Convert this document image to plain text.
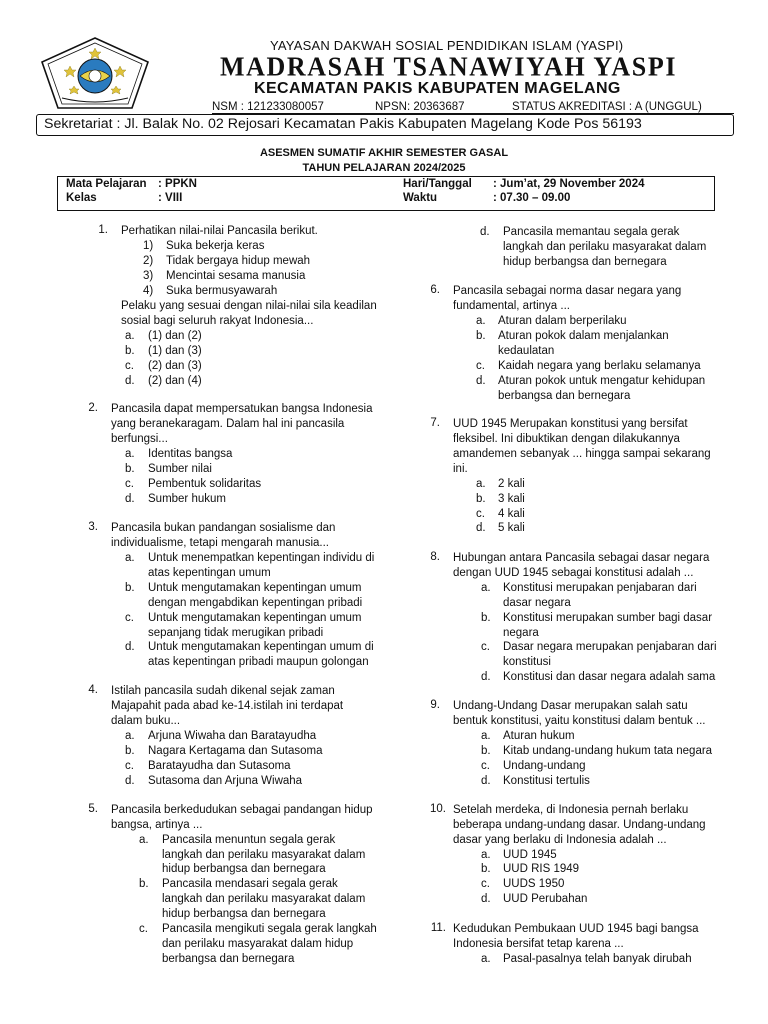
YAYASAN DAKWAH SOSIAL PENDIDIKAN ISLAM (YASPI)
MADRASAH TSANAWIYAH YASPI
KECAMATAN PAKIS KABUPATEN MAGELANG
NSM : 121233080057	NPSN: 20363687	STATUS AKREDITASI : A (UNGGUL)
Sekretariat : Jl. Balak No. 02 Rejosari Kecamatan Pakis Kabupaten Magelang Kode Pos 56193
ASESMEN SUMATIF AKHIR SEMESTER GASAL
TAHUN PELAJARAN 2024/2025
Mata Pelajaran : PPKN
Kelas	: VIII
Hari/Tanggal : Jum’at, 29 November 2024
Waktu	: 07.30 – 09.00
1. Perhatikan nilai-nilai Pancasila berikut.
1) Suka bekerja keras
2) Tidak bergaya hidup mewah
3) Mencintai sesama manusia
4) Suka bermusyawarah
Pelaku yang sesuai dengan nilai-nilai sila keadilan
sosial bagi seluruh rakyat Indonesia...
a. (1) dan (2)
b. (1) dan (3)
c. (2) dan (3)
d. (2) dan (4)
2. Pancasila dapat mempersatukan bangsa Indonesia
yang beranekaragam. Dalam hal ini pancasila
berfungsi...
a. Identitas bangsa
b. Sumber nilai
c. Pembentuk solidaritas
d. Sumber hukum
3. Pancasila bukan pandangan sosialisme dan
individualisme, tetapi mengarah manusia...
a. Untuk menempatkan kepentingan individu di
atas kepentingan umum
b. Untuk mengutamakan kepentingan umum
dengan mengabdikan kepentingan pribadi
c. Untuk mengutamakan kepentingan umum
sepanjang tidak merugikan pribadi
d. Untuk mengutamakan kepentingan umum di
atas kepentingan pribadi maupun golongan
4. Istilah pancasila sudah dikenal sejak zaman
Majapahit pada abad ke-14.istilah ini terdapat
dalam buku...
a. Arjuna Wiwaha dan Baratayudha
b. Nagara Kertagama dan Sutasoma
c. Baratayudha dan Sutasoma
d. Sutasoma dan Arjuna Wiwaha
5. Pancasila berkedudukan sebagai pandangan hidup
bangsa, artinya ...
a. Pancasila menuntun segala gerak
langkah dan perilaku masyarakat dalam
hidup berbangsa dan bernegara
b. Pancasila mendasari segala gerak
langkah dan perilaku masyarakat dalam
hidup berbangsa dan bernegara
c. Pancasila mengikuti segala gerak langkah
dan perilaku masyarakat dalam hidup
berbangsa dan bernegara
d. Pancasila memantau segala gerak
langkah dan perilaku masyarakat dalam
hidup berbangsa dan bernegara
6. Pancasila sebagai norma dasar negara yang
fundamental, artinya ...
a. Aturan dalam berperilaku
b. Aturan pokok dalam menjalankan
kedaulatan
c. Kaidah negara yang berlaku selamanya
d. Aturan pokok untuk mengatur kehidupan
berbangsa dan bernegara
7. UUD 1945 Merupakan konstitusi yang bersifat
fleksibel. Ini dibuktikan dengan dilakukannya
amandemen sebanyak ... hingga sampai sekarang
ini.
a. 2 kali
b. 3 kali
c. 4 kali
d. 5 kali
8. Hubungan antara Pancasila sebagai dasar negara
dengan UUD 1945 sebagai konstitusi adalah ...
a. Konstitusi merupakan penjabaran dari
dasar negara
b. Konstitusi merupakan sumber bagi dasar
negara
c. Dasar negara merupakan penjabaran dari
konstitusi
d. Konstitusi dan dasar negara adalah sama
9. Undang-Undang Dasar merupakan salah satu
bentuk konstitusi, yaitu konstitusi dalam bentuk ...
a. Aturan hukum
b. Kitab undang-undang hukum tata negara
c. Undang-undang
d. Konstitusi tertulis
10. Setelah merdeka, di Indonesia pernah berlaku
beberapa undang-undang dasar. Undang-undang
dasar yang berlaku di Indonesia adalah ...
a. UUD 1945
b. UUD RIS 1949
c. UUDS 1950
d. UUD Perubahan
11. Kedudukan Pembukaan UUD 1945 bagi bangsa
Indonesia bersifat tetap karena ...
a. Pasal-pasalnya telah banyak dirubah
